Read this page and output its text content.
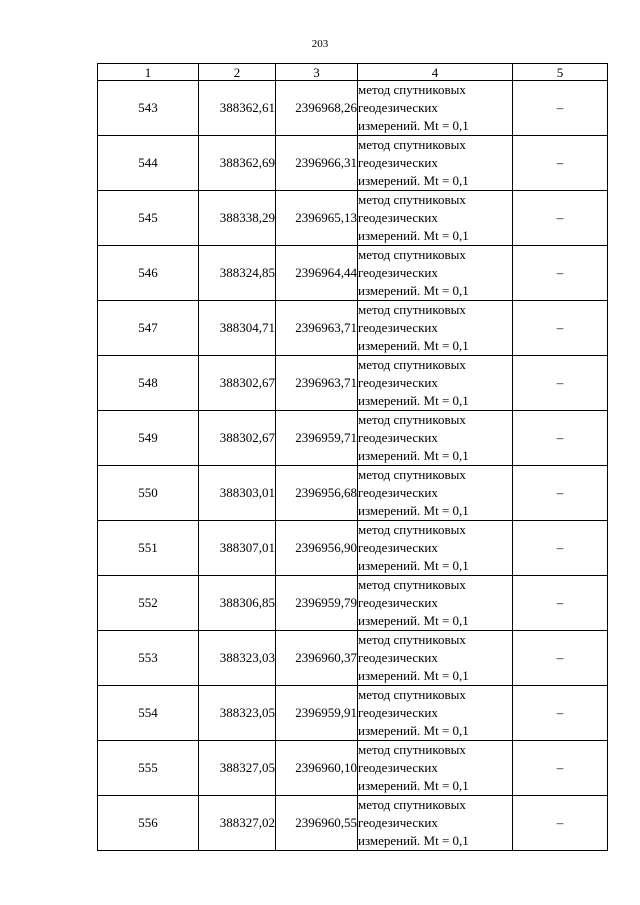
203
1	2	3	4	5
543	388362,61	2396968,26	метод спутниковых
геодезических
измерений. Mt = 0,1	–
544	388362,69	2396966,31	метод спутниковых
геодезических
измерений. Mt = 0,1	–
545	388338,29	2396965,13	метод спутниковых
геодезических
измерений. Mt = 0,1	–
546	388324,85	2396964,44	метод спутниковых
геодезических
измерений. Mt = 0,1	–
547	388304,71	2396963,71	метод спутниковых
геодезических
измерений. Mt = 0,1	–
548	388302,67	2396963,71	метод спутниковых
геодезических
измерений. Mt = 0,1	–
549	388302,67	2396959,71	метод спутниковых
геодезических
измерений. Mt = 0,1	–
550	388303,01	2396956,68	метод спутниковых
геодезических
измерений. Mt = 0,1	–
551	388307,01	2396956,90	метод спутниковых
геодезических
измерений. Mt = 0,1	–
552	388306,85	2396959,79	метод спутниковых
геодезических
измерений. Mt = 0,1	–
553	388323,03	2396960,37	метод спутниковых
геодезических
измерений. Mt = 0,1	–
554	388323,05	2396959,91	метод спутниковых
геодезических
измерений. Mt = 0,1	–
555	388327,05	2396960,10	метод спутниковых
геодезических
измерений. Mt = 0,1	–
556	388327,02	2396960,55	метод спутниковых
геодезических
измерений. Mt = 0,1	–
